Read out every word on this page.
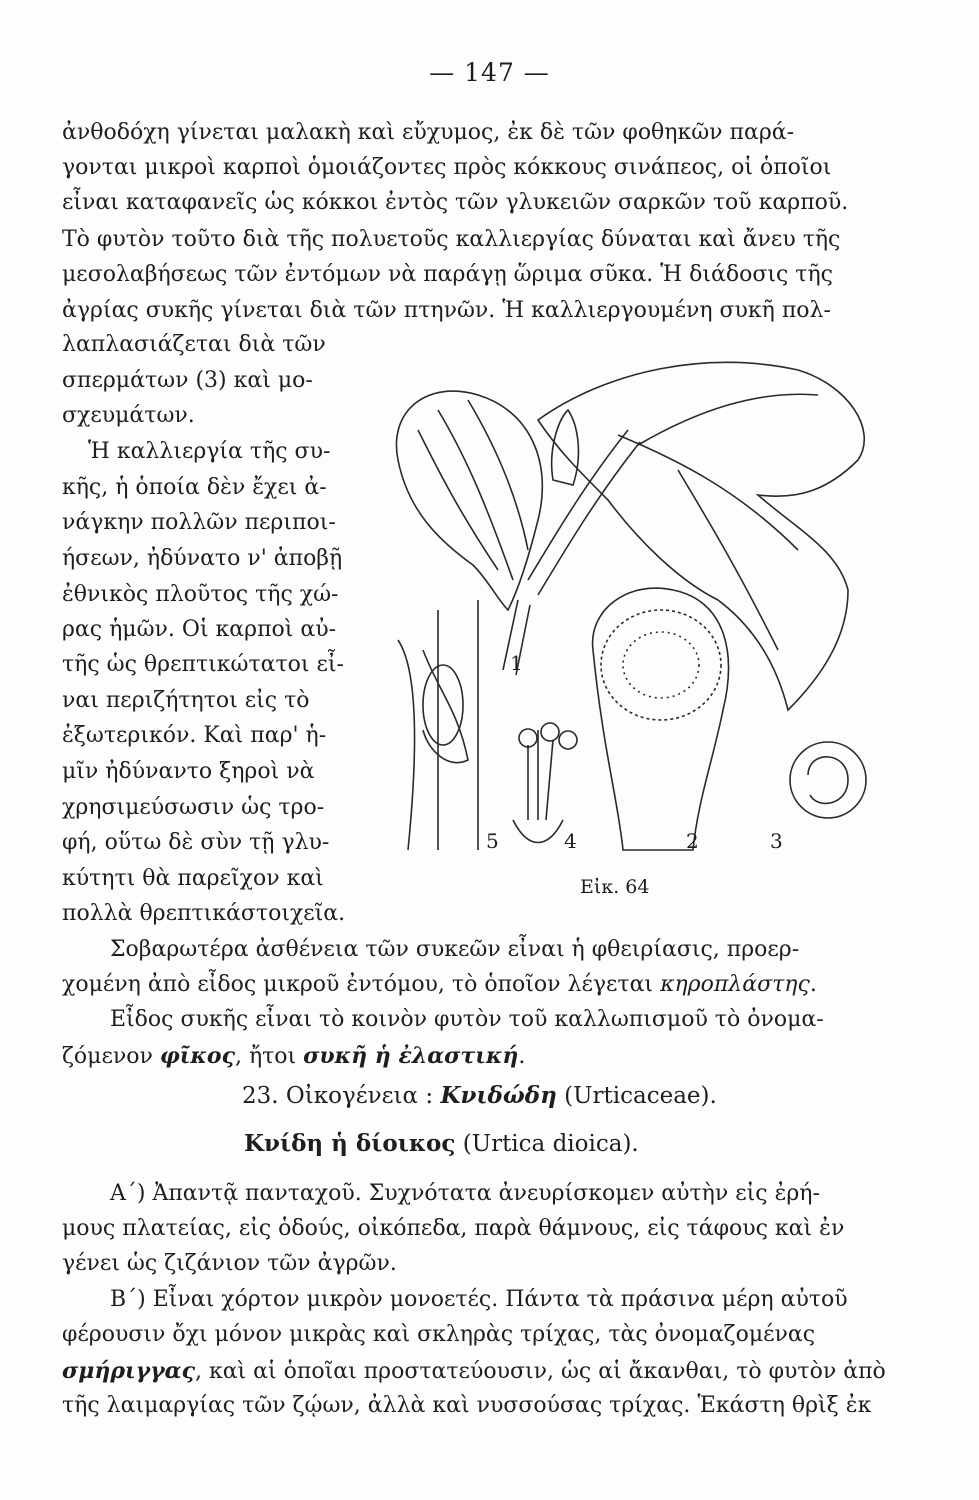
— 147 —
ἀνθοδόχη γίνεται μαλακὴ καὶ εὔχυμος, ἐκ δὲ τῶν φοθηκῶν παρά-
γονται μικροὶ καρποὶ ὁμοιάζοντες πρὸς κόκκους σινάπεος, οἱ ὁποῖοι
εἶναι καταφανεῖς ὡς κόκκοι ἐντὸς τῶν γλυκειῶν σαρκῶν τοῦ καρποῦ.
Τὸ φυτὸν τοῦτο διὰ τῆς πολυετοῦς καλλιεργίας δύναται καὶ ἄνευ τῆς
μεσολαβήσεως τῶν ἐντόμων νὰ παράγῃ ὥριμα σῦκα. Ἡ διάδοσις τῆς
ἀγρίας συκῆς γίνεται διὰ τῶν πτηνῶν. Ἡ καλλιεργουμένη συκῆ πολ-
λαπλασιάζεται διὰ τῶν
σπερμάτων (3) καὶ μο-
σχευμάτων.
Ἡ καλλιεργία τῆς συ-
κῆς, ἡ ὁποία δὲν ἔχει ἀ-
νάγκην πολλῶν περιποι-
ήσεων, ἠδύνατο ν' ἀποβῇ
ἐθνικὸς πλοῦτος τῆς χώ-
ρας ἡμῶν. Οἱ καρποὶ αὐ-
τῆς ὡς θρεπτικώτατοι εἶ-
ναι περιζήτητοι εἰς τὸ
ἐξωτερικόν. Καὶ παρ' ἡ-
μῖν ἠδύναντο ξηροὶ νὰ
χρησιμεύσωσιν ὡς τρο-
φή, οὕτω δὲ σὺν τῇ γλυ-
κύτητι θὰ παρεῖχον καὶ
πολλὰ θρεπτικάστοιχεῖα.
1
2	3
4
5
Εἰκ. 64
Σοβαρωτέρα ἀσθένεια τῶν συκεῶν εἶναι ἡ φθειρίασις, προερ-
χομένη ἀπὸ εἶδος μικροῦ ἐντόμου, τὸ ὁποῖον λέγεται κηροπλάστης.
Εἶδος συκῆς εἶναι τὸ κοινὸν φυτὸν τοῦ καλλωπισμοῦ τὸ ὀνομα-
ζόμενον φῖκος, ἤτοι συκῆ ἡ ἐλαστική.
23. Οἰκογένεια : Κνιδώδη (Urticaceae).
Κνίδη ἡ δίοικος (Urtica dioica).
Α΄) Ἀπαντᾷ πανταχοῦ. Συχνότατα ἀνευρίσκομεν αὐτὴν εἰς ἐρή-
μους πλατείας, εἰς ὁδούς, οἰκόπεδα, παρὰ θάμνους, εἰς τάφους καὶ ἐν
γένει ὡς ζιζάνιον τῶν ἀγρῶν.
Β΄) Εἶναι χόρτον μικρὸν μονοετές. Πάντα τὰ πράσινα μέρη αὐτοῦ
φέρουσιν ὄχι μόνον μικρὰς καὶ σκληρὰς τρίχας, τὰς ὀνομαζομένας
σμήριγγας, καὶ αἱ ὁποῖαι προστατεύουσιν, ὡς αἱ ἄκανθαι, τὸ φυτὸν ἀπὸ
τῆς λαιμαργίας τῶν ζῴων, ἀλλὰ καὶ νυσσούσας τρίχας. Ἑκάστη θρὶξ ἐκ
